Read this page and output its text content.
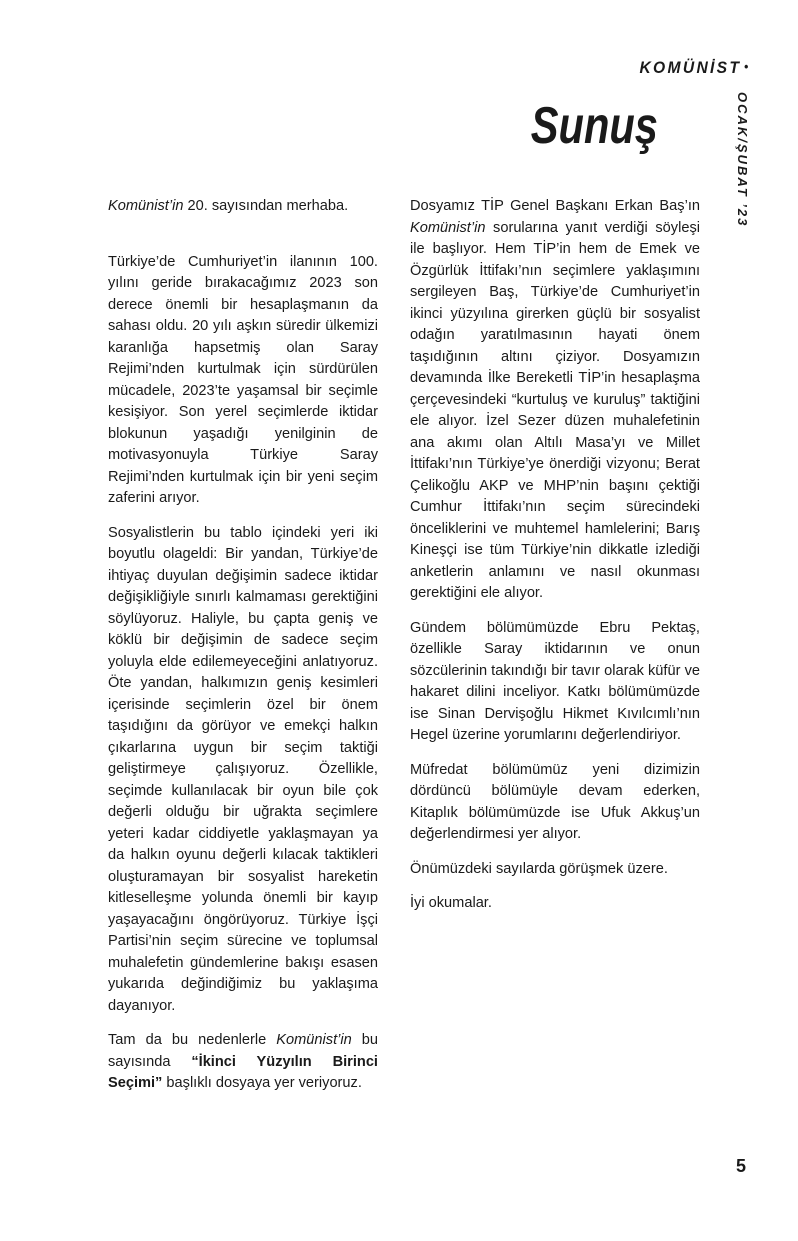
KOMÜNİST •
OCAK/ŞUBAT ’23
Sunuş

Komünist’in 20. sayısından merhaba.

Türkiye’de Cumhuriyet’in ilanının 100. yılını geride bırakacağımız 2023 son derece önemli bir hesaplaşmanın da sahası oldu. 20 yılı aşkın süredir ülkemizi karanlığa hapsetmiş olan Saray Rejimi’nden kurtulmak için sürdürülen mücadele, 2023’te yaşamsal bir seçimle kesişiyor. Son yerel seçimlerde iktidar blokunun yaşadığı yenilginin de motivasyonuyla Türkiye Saray Rejimi’nden kurtulmak için bir yeni seçim zaferini arıyor.

Sosyalistlerin bu tablo içindeki yeri iki boyutlu olageldi: Bir yandan, Türkiye’de ihtiyaç duyulan değişimin sadece iktidar değişikliğiyle sınırlı kalmaması gerektiğini söylüyoruz. Haliyle, bu çapta geniş ve köklü bir değişimin de sadece seçim yoluyla elde edilemeyeceğini anlatıyoruz. Öte yandan, halkımızın geniş kesimleri içerisinde seçimlerin özel bir önem taşıdığını da görüyor ve emekçi halkın çıkarlarına uygun bir seçim taktiği geliştirmeye çalışıyoruz. Özellikle, seçimde kullanılacak bir oyun bile çok değerli olduğu bir uğrakta seçimlere yeteri kadar ciddiyetle yaklaşmayan ya da halkın oyunu değerli kılacak taktikleri oluşturamayan bir sosyalist hareketin kitleselleşme yolunda önemli bir kayıp yaşayacağını öngörüyoruz. Türkiye İşçi Partisi’nin seçim sürecine ve toplumsal muhalefetin gündemlerine bakışı esasen yukarıda değindiğimiz bu yaklaşıma dayanıyor.

Tam da bu nedenlerle Komünist’in bu sayısında “İkinci Yüzyılın Birinci Seçimi” başlıklı dosyaya yer veriyoruz.

Dosyamız TİP Genel Başkanı Erkan Baş’ın Komünist’in sorularına yanıt verdiği söyleşi ile başlıyor. Hem TİP’in hem de Emek ve Özgürlük İttifakı’nın seçimlere yaklaşımını sergileyen Baş, Türkiye’de Cumhuriyet’in ikinci yüzyılına girerken güçlü bir sosyalist odağın yaratılmasının hayati önem taşıdığının altını çiziyor. Dosyamızın devamında İlke Bereketli TİP’in hesaplaşma çerçevesindeki “kurtuluş ve kuruluş” taktiğini ele alıyor. İzel Sezer düzen muhalefetinin ana akımı olan Altılı Masa’yı ve Millet İttifakı’nın Türkiye’ye önerdiği vizyonu; Berat Çelikoğlu AKP ve MHP’nin başını çektiği Cumhur İttifakı’nın seçim sürecindeki önceliklerini ve muhtemel hamlelerini; Barış Kineşçi ise tüm Türkiye’nin dikkatle izlediği anketlerin anlamını ve nasıl okunması gerektiğini ele alıyor.

Gündem bölümümüzde Ebru Pektaş, özellikle Saray iktidarının ve onun sözcülerinin takındığı bir tavır olarak küfür ve hakaret dilini inceliyor. Katkı bölümümüzde ise Sinan Dervişoğlu Hikmet Kıvılcımlı’nın Hegel üzerine yorumlarını değerlendiriyor.

Müfredat bölümümüz yeni dizimizin dördüncü bölümüyle devam ederken, Kitaplık bölümümüzde ise Ufuk Akkuş’un değerlendirmesi yer alıyor.

Önümüzdeki sayılarda görüşmek üzere.

İyi okumalar.

5
